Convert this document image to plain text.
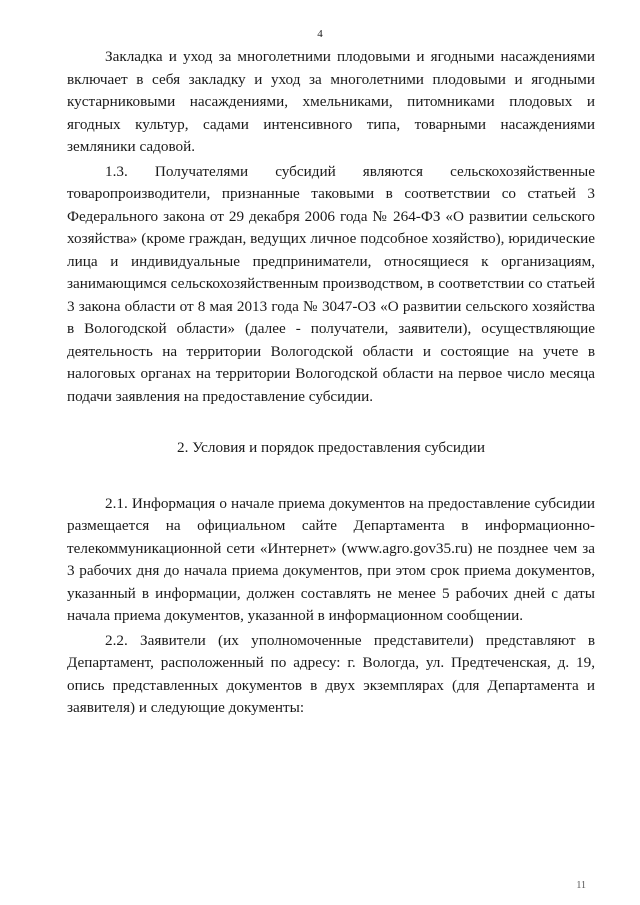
4

Закладка и уход за многолетними плодовыми и ягодными насаждениями включает в себя закладку и уход за многолетними плодовыми и ягодными кустарниковыми насаждениями, хмельниками, питомниками плодовых и ягодных культур, садами интенсивного типа, товарными насаждениями земляники садовой.

1.3. Получателями субсидий являются сельскохозяйственные товаропроизводители, признанные таковыми в соответствии со статьей 3 Федерального закона от 29 декабря 2006 года № 264-ФЗ «О развитии сельского хозяйства» (кроме граждан, ведущих личное подсобное хозяйство), юридические лица и индивидуальные предприниматели, относящиеся к организациям, занимающимся сельскохозяйственным производством, в соответствии со статьей 3 закона области от 8 мая 2013 года № 3047-ОЗ «О развитии сельского хозяйства в Вологодской области» (далее - получатели, заявители), осуществляющие деятельность на территории Вологодской области и состоящие на учете в налоговых органах на территории Вологодской области на первое число месяца подачи заявления на предоставление субсидии.

2. Условия и порядок предоставления субсидии

2.1. Информация о начале приема документов на предоставление субсидии размещается на официальном сайте Департамента в информационно-телекоммуникационной сети «Интернет» (www.agro.gov35.ru) не позднее чем за 3 рабочих дня до начала приема документов, при этом срок приема документов, указанный в информации, должен составлять не менее 5 рабочих дней с даты начала приема документов, указанной в информационном сообщении.

2.2. Заявители (их уполномоченные представители) представляют в Департамент, расположенный по адресу: г. Вологда, ул. Предтеченская, д. 19, опись представленных документов в двух экземплярах (для Департамента и заявителя) и следующие документы:

11
